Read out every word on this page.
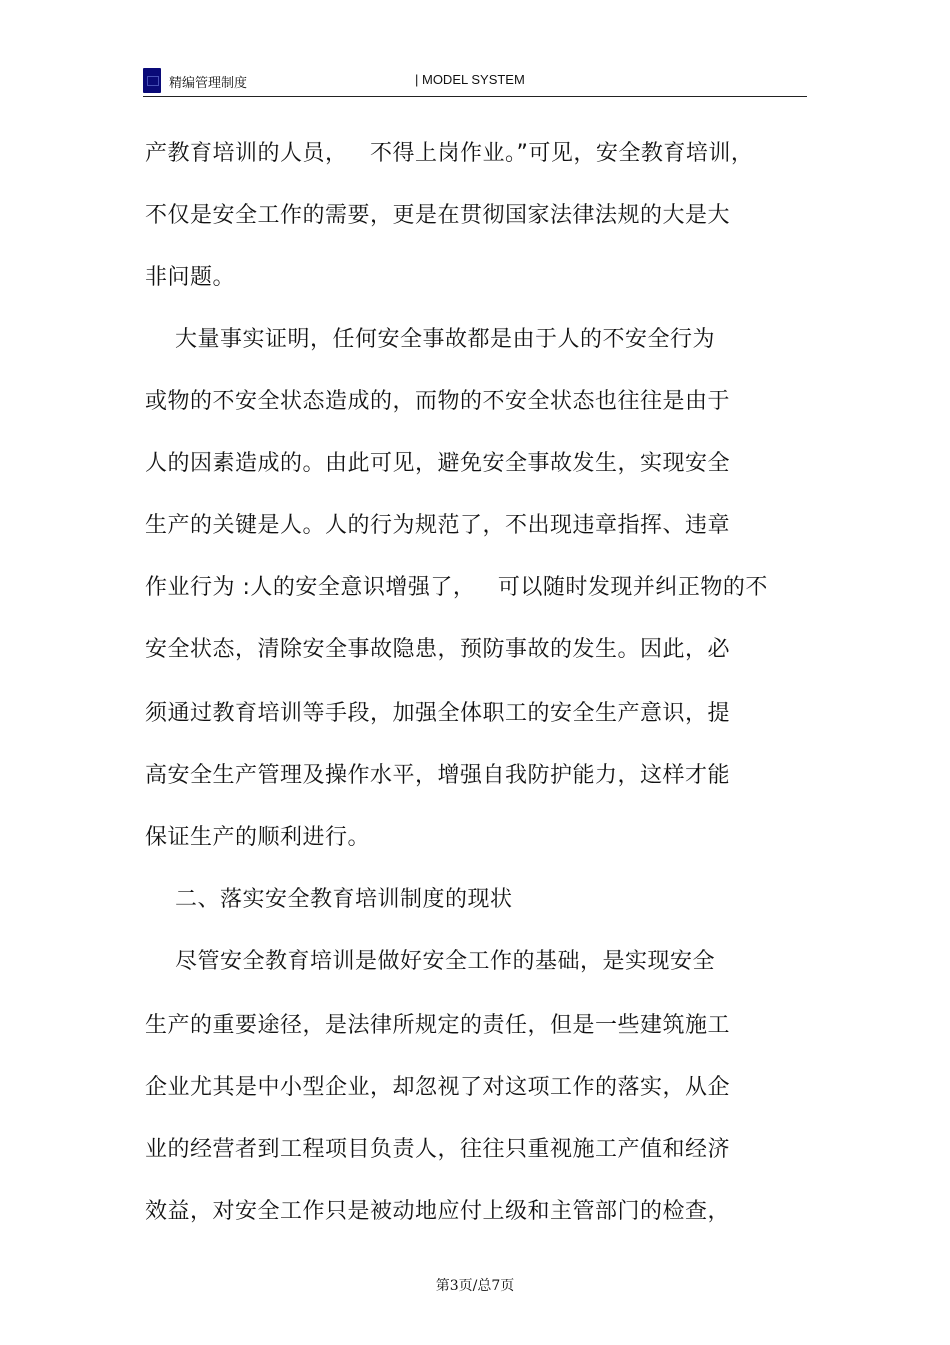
精编管理制度	| MODEL SYSTEM
产教育培训的人员，   不得上岗作业。”可见，安全教育培训，
不仅是安全工作的需要，更是在贯彻国家法律法规的大是大
非问题。
大量事实证明，任何安全事故都是由于人的不安全行为
或物的不安全状态造成的，而物的不安全状态也往往是由于
人的因素造成的。由此可见，避免安全事故发生，实现安全
生产的关键是人。人的行为规范了，不出现违章指挥、违章
作业行为 :人的安全意识增强了，   可以随时发现并纠正物的不
安全状态，清除安全事故隐患，预防事故的发生。因此，必
须通过教育培训等手段，加强全体职工的安全生产意识，提
高安全生产管理及操作水平，增强自我防护能力，这样才能
保证生产的顺利进行。
二、落实安全教育培训制度的现状
尽管安全教育培训是做好安全工作的基础，是实现安全
生产的重要途径，是法律所规定的责任，但是一些建筑施工
企业尤其是中小型企业，却忽视了对这项工作的落实，从企
业的经营者到工程项目负责人，往往只重视施工产值和经济
效益，对安全工作只是被动地应付上级和主管部门的检查，
第3页/总7页
